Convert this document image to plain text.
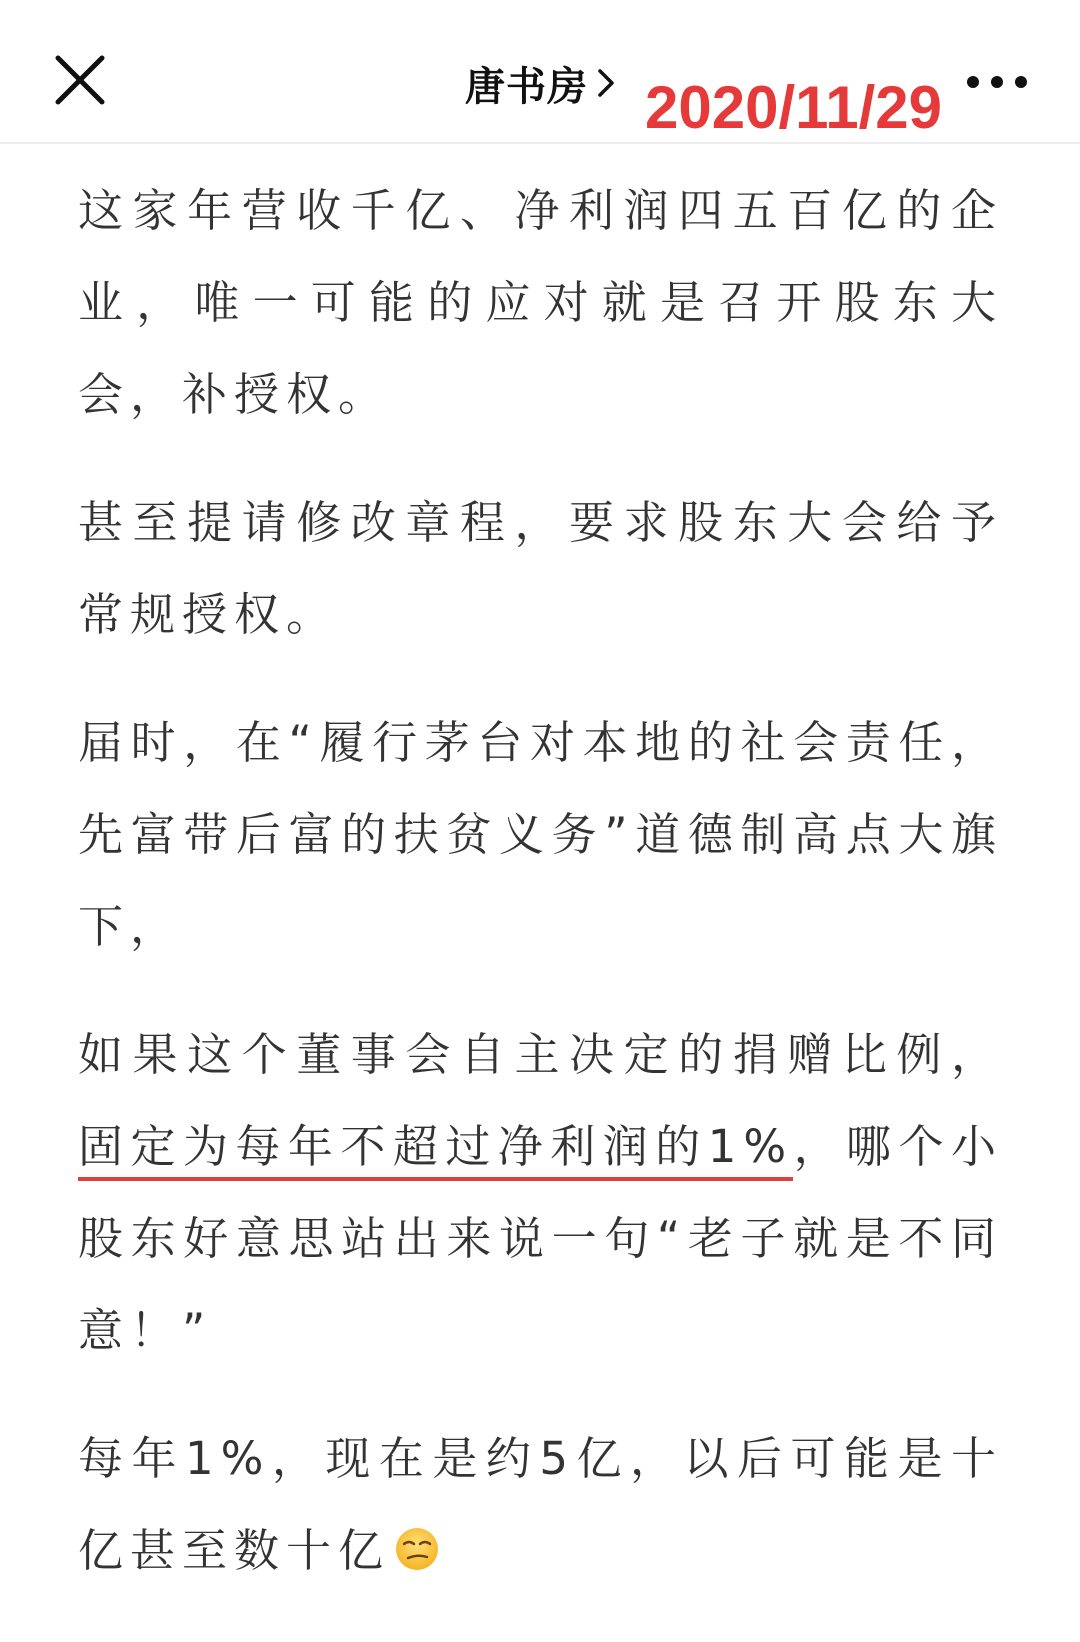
唐书房 2020/11/29

这家年营收千亿、净利润四五百亿的企业，唯一可能的应对就是召开股东大会，补授权。

甚至提请修改章程，要求股东大会给予常规授权。

届时，在“履行茅台对本地的社会责任，先富带后富的扶贫义务”道德制高点大旗下，

如果这个董事会自主决定的捐赠比例，固定为每年不超过净利润的1%，哪个小股东好意思站出来说一句“老子就是不同意！”

每年1%，现在是约5亿，以后可能是十亿甚至数十亿
